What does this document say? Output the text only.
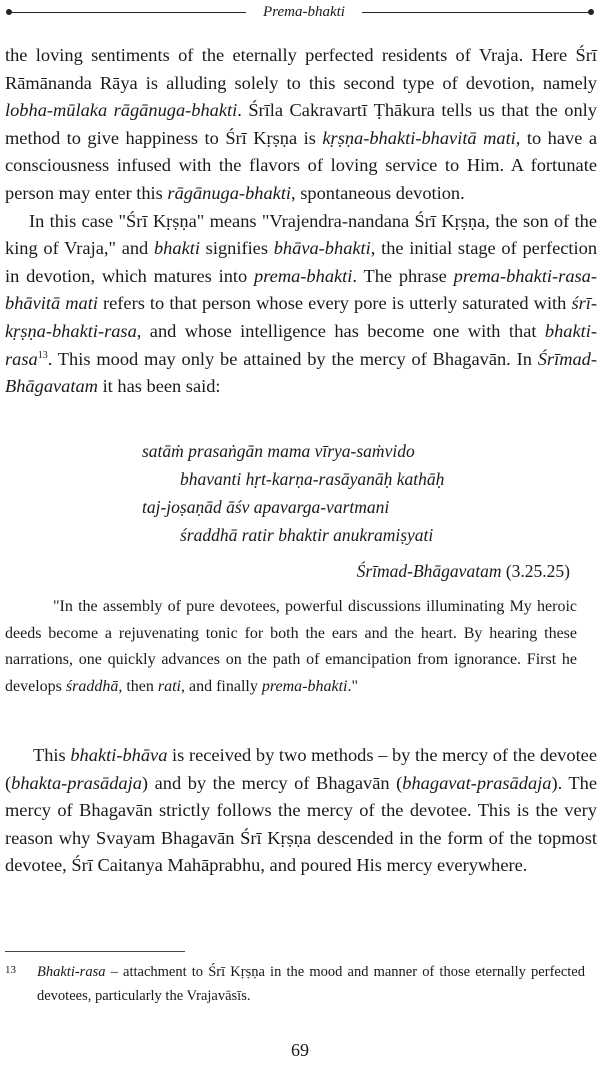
Prema-bhakti

the loving sentiments of the eternally perfected residents of Vraja. Here Śrī Rāmānanda Rāya is alluding solely to this second type of devotion, namely lobha-mūlaka rāgānuga-bhakti. Śrīla Cakravartī Ṭhākura tells us that the only method to give happiness to Śrī Kṛṣṇa is kṛṣṇa-bhakti-bhavitā mati, to have a consciousness infused with the flavors of loving service to Him. A fortunate person may enter this rāgānuga-bhakti, spontaneous devotion.

In this case "Śrī Kṛṣṇa" means "Vrajendra-nandana Śrī Kṛṣṇa, the son of the king of Vraja," and bhakti signifies bhāva-bhakti, the initial stage of perfection in devotion, which matures into prema-bhakti. The phrase prema-bhakti-rasa-bhāvitā mati refers to that person whose every pore is utterly saturated with śrī-kṛṣṇa-bhakti-rasa, and whose intelligence has become one with that bhakti-rasa$^{13}$. This mood may only be attained by the mercy of Bhagavān. In Śrīmad-Bhāgavatam it has been said:

satāṁ prasaṅgān mama vīrya-saṁvido
bhavanti hṛt-karṇa-rasāyanāḥ kathāḥ
taj-joṣaṇād āśv apavarga-vartmani
śraddhā ratir bhaktir anukramiṣyati
Śrīmad-Bhāgavatam (3.25.25)

"In the assembly of pure devotees, powerful discussions illuminating My heroic deeds become a rejuvenating tonic for both the ears and the heart. By hearing these narrations, one quickly advances on the path of emancipation from ignorance. First he develops śraddhā, then rati, and finally prema-bhakti."

This bhakti-bhāva is received by two methods – by the mercy of the devotee (bhakta-prasādaja) and by the mercy of Bhagavān (bhagavat-prasādaja). The mercy of Bhagavān strictly follows the mercy of the devotee. This is the very reason why Svayam Bhagavān Śrī Kṛṣṇa descended in the form of the topmost devotee, Śrī Caitanya Mahāprabhu, and poured His mercy everywhere.

13	Bhakti-rasa – attachment to Śrī Kṛṣṇa in the mood and manner of those eternally perfected devotees, particularly the Vrajavāsīs.
69
